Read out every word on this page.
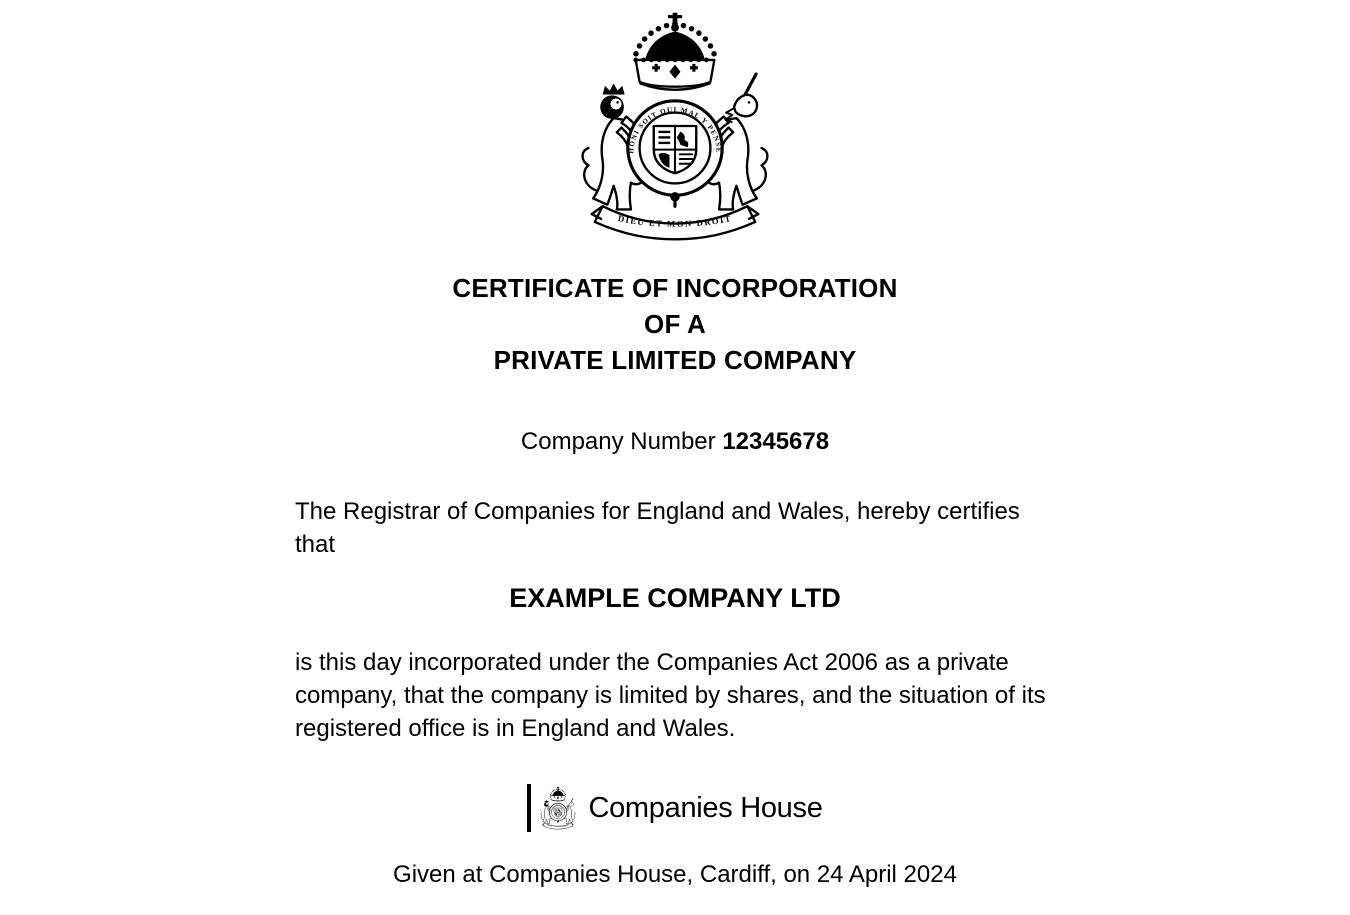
CERTIFICATE OF INCORPORATION
OF A
PRIVATE LIMITED COMPANY
Company Number 12345678
The Registrar of Companies for England and Wales, hereby certifies that
EXAMPLE COMPANY LTD
is this day incorporated under the Companies Act 2006 as a private company, that the company is limited by shares, and the situation of its registered office is in England and Wales.
Companies House
Given at Companies House, Cardiff, on 24 April 2024
